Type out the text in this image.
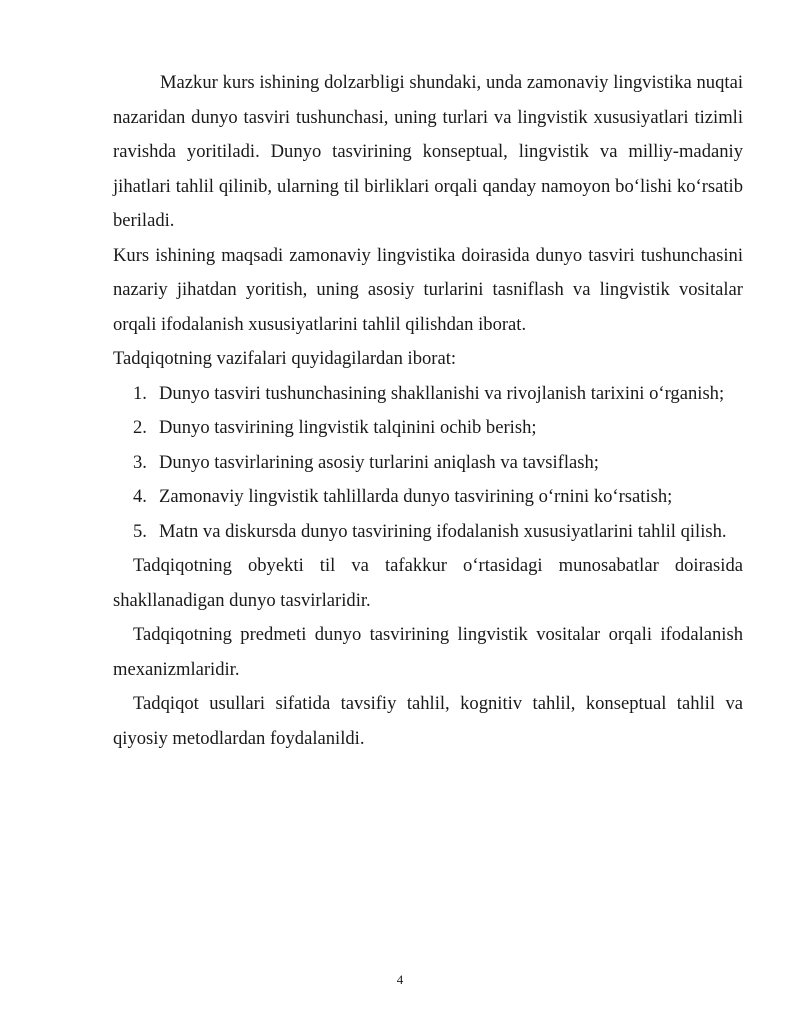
Mazkur kurs ishining dolzarbligi shundaki, unda zamonaviy lingvistika nuqtai nazaridan dunyo tasviri tushunchasi, uning turlari va lingvistik xususiyatlari tizimli ravishda yoritiladi. Dunyo tasvirining konseptual, lingvistik va milliy-madaniy jihatlari tahlil qilinib, ularning til birliklari orqali qanday namoyon bo‘lishi ko‘rsatib beriladi.

Kurs ishining maqsadi zamonaviy lingvistika doirasida dunyo tasviri tushunchasini nazariy jihatdan yoritish, uning asosiy turlarini tasniflash va lingvistik vositalar orqali ifodalanish xususiyatlarini tahlil qilishdan iborat.

Tadqiqotning vazifalari quyidagilardan iborat:

1. Dunyo tasviri tushunchasining shakllanishi va rivojlanish tarixini o‘rganish;
2. Dunyo tasvirining lingvistik talqinini ochib berish;
3. Dunyo tasvirlarining asosiy turlarini aniqlash va tavsiflash;
4. Zamonaviy lingvistik tahlillarda dunyo tasvirining o‘rnini ko‘rsatish;
5. Matn va diskursda dunyo tasvirining ifodalanish xususiyatlarini tahlil qilish.

Tadqiqotning obyekti til va tafakkur o‘rtasidagi munosabatlar doirasida shakllanadigan dunyo tasvirlaridir.

Tadqiqotning predmeti dunyo tasvirining lingvistik vositalar orqali ifodalanish mexanizmlaridir.

Tadqiqot usullari sifatida tavsifiy tahlil, kognitiv tahlil, konseptual tahlil va qiyosiy metodlardan foydalanildi.

4
